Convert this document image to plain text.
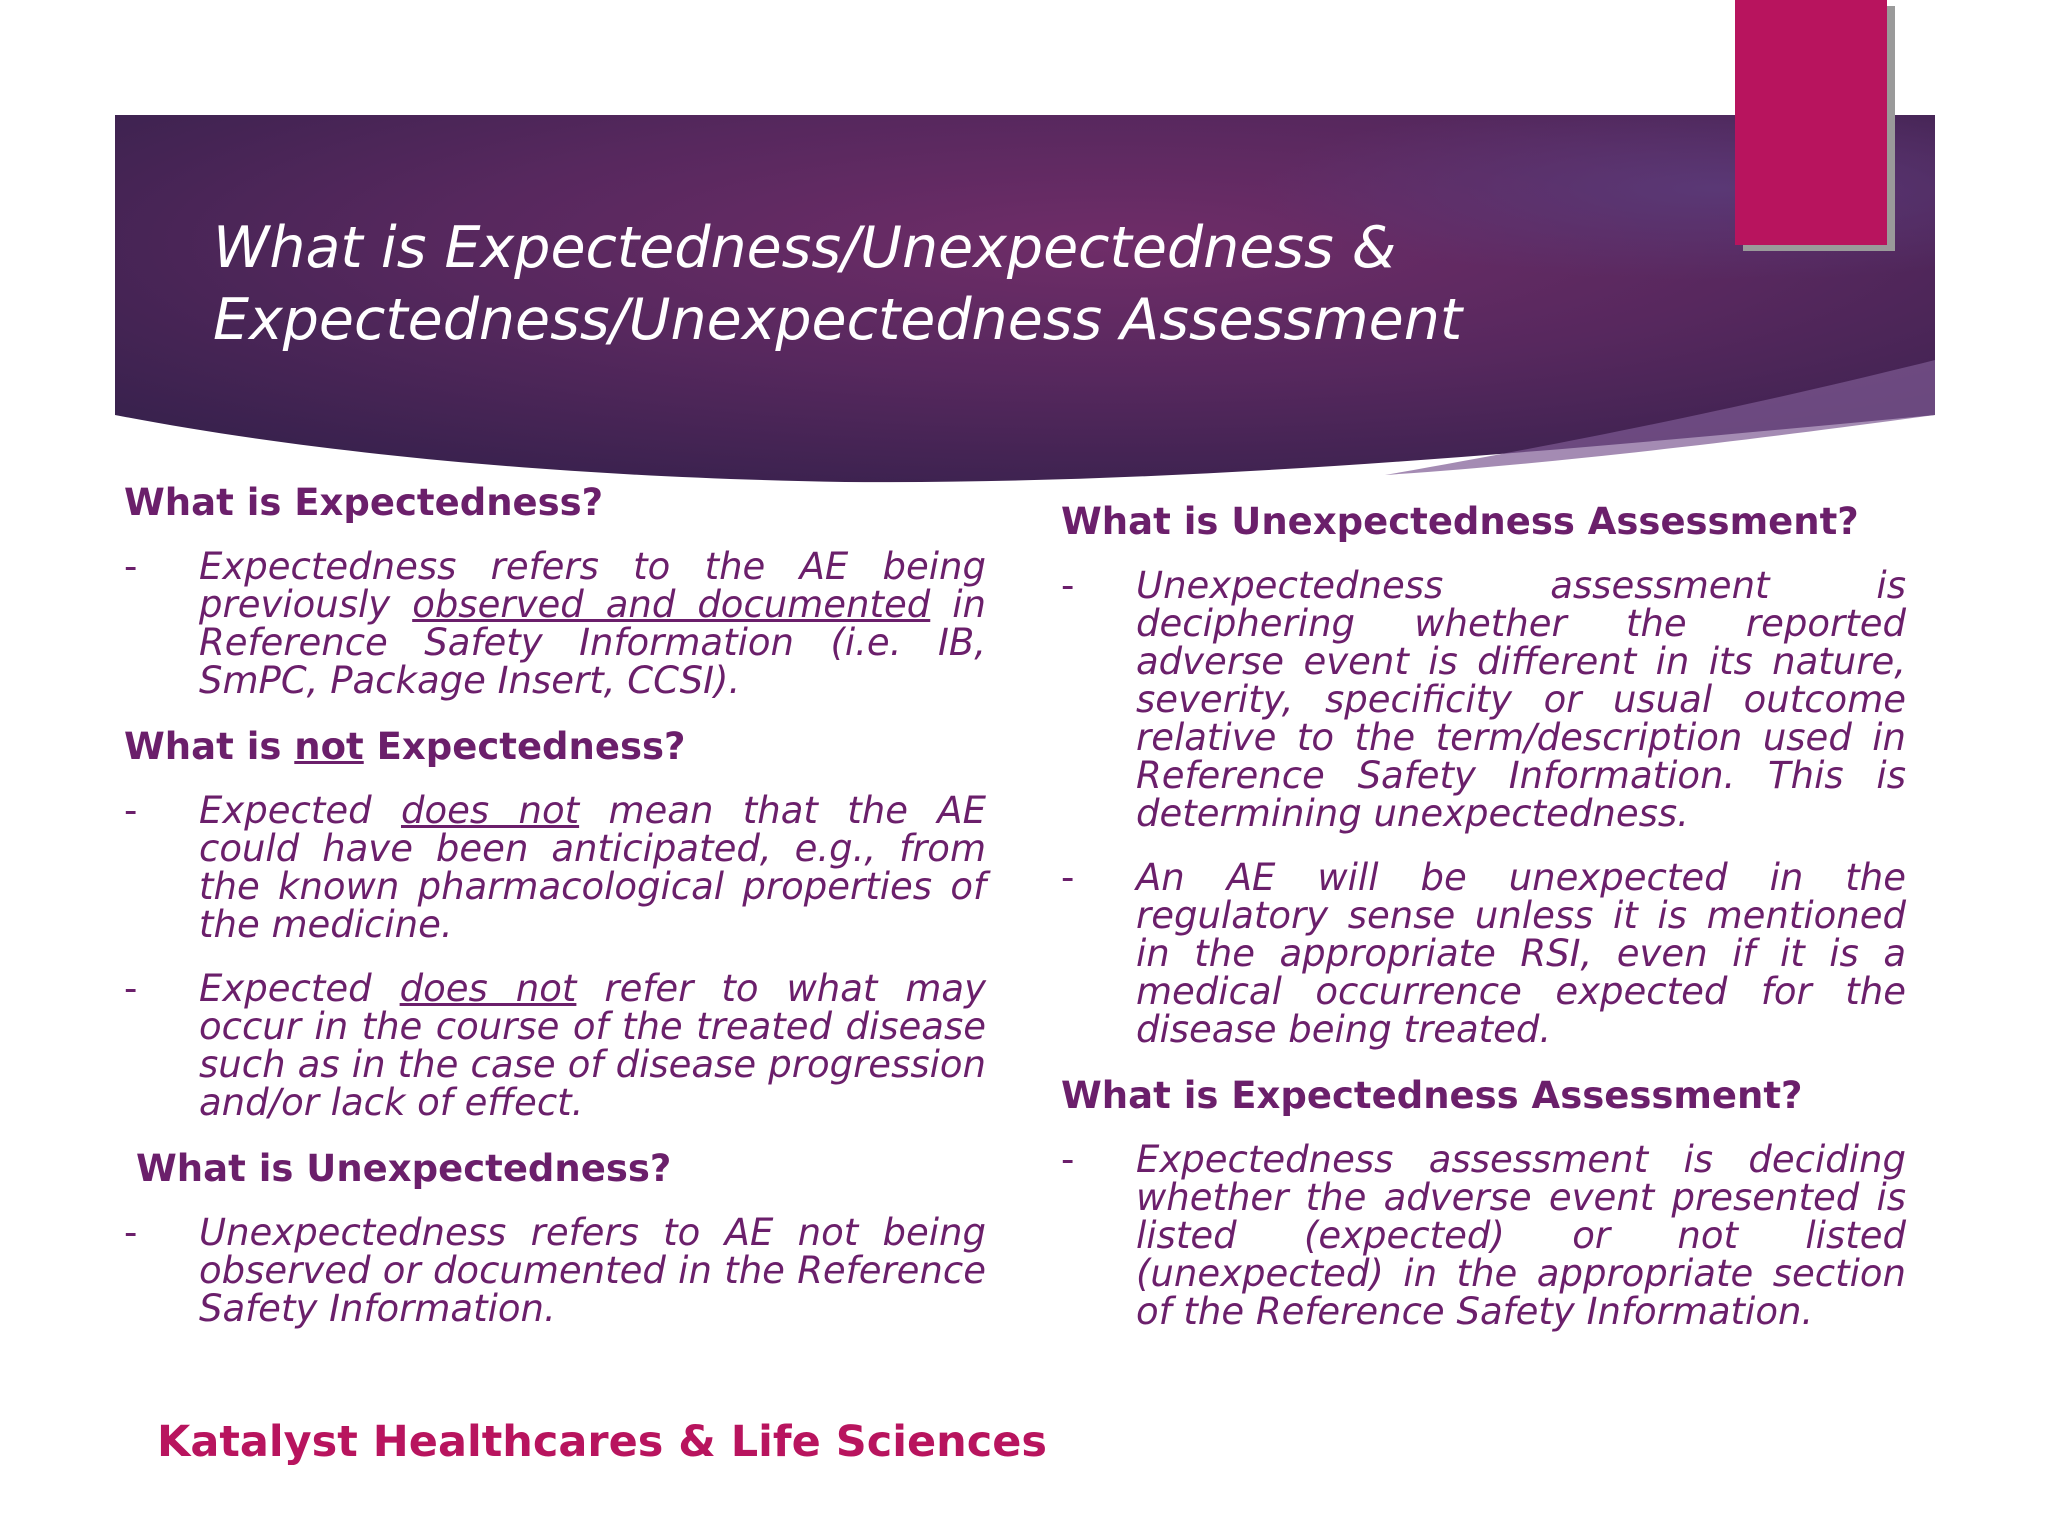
What is Expectedness/Unexpectedness &
Expectedness/Unexpectedness Assessment

What is Expectedness?

- Expectedness refers to the AE being previously observed and documented in Reference Safety Information (i.e. IB, SmPC, Package Insert, CCSI).

What is not Expectedness?

- Expected does not mean that the AE could have been anticipated, e.g., from the known pharmacological properties of the medicine.
- Expected does not refer to what may occur in the course of the treated disease such as in the case of disease progression and/or lack of effect.

What is Unexpectedness?

- Unexpectedness refers to AE not being observed or documented in the Reference Safety Information.

What is Unexpectedness Assessment?

- Unexpectedness assessment is deciphering whether the reported adverse event is different in its nature, severity, specificity or usual outcome relative to the term/description used in Reference Safety Information. This is determining unexpectedness.
- An AE will be unexpected in the regulatory sense unless it is mentioned in the appropriate RSI, even if it is a medical occurrence expected for the disease being treated.

What is Expectedness Assessment?

- Expectedness assessment is deciding whether the adverse event presented is listed (expected) or not listed (unexpected) in the appropriate section of the Reference Safety Information.
Katalyst Healthcares & Life Sciences
